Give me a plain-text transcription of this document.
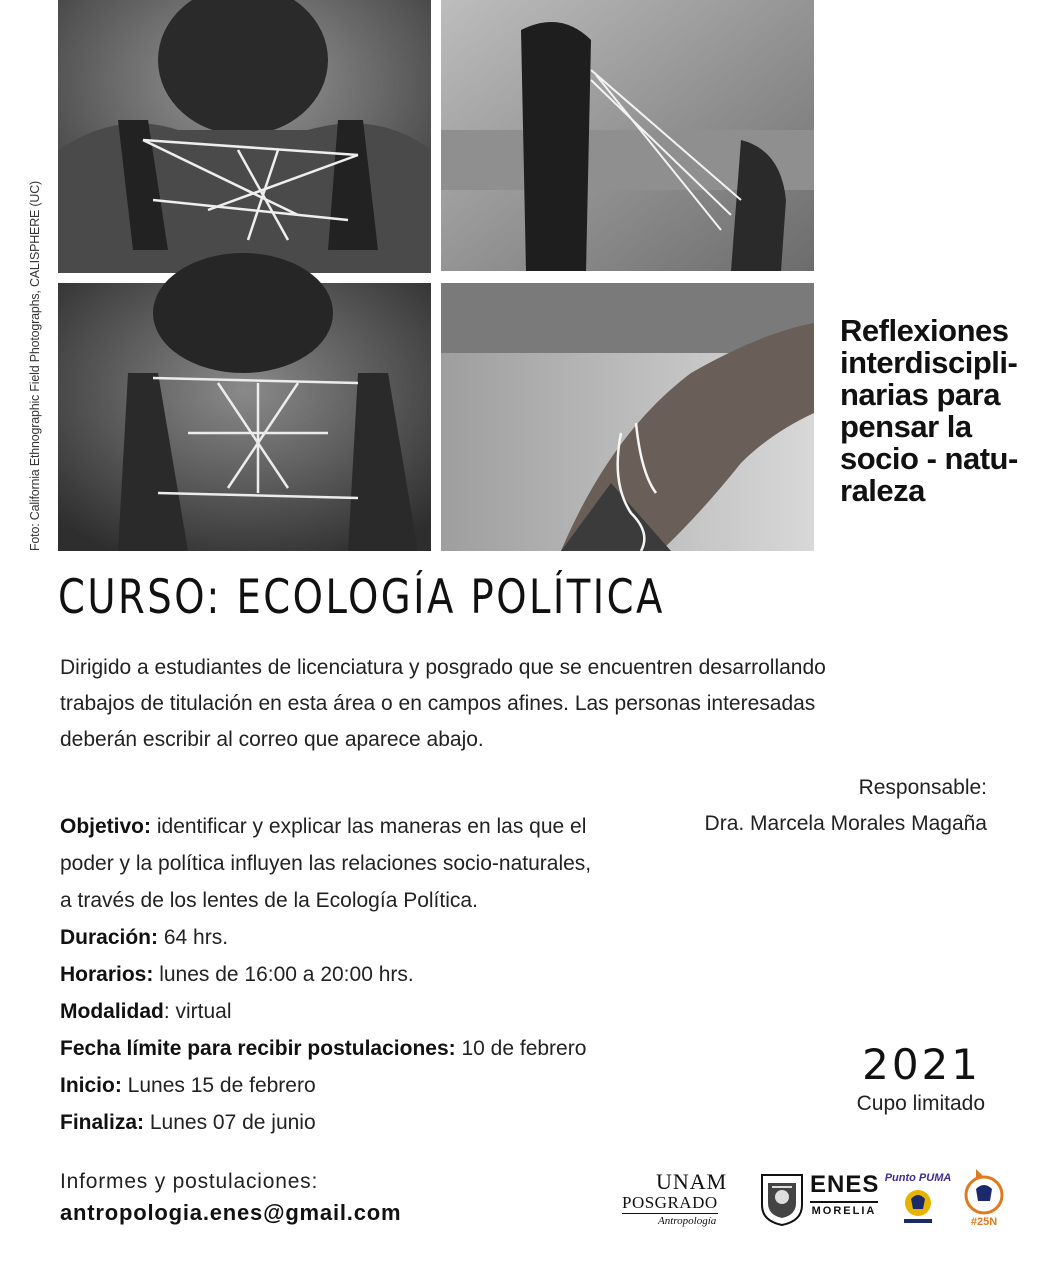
Foto: California Ethnographic Field Photographs, CALISPHERE (UC)	Reflexiones
interdiscipli-
narias para
pensar la
socio - natu-
raleza
CURSO: ECOLOGÍA POLÍTICA
Dirigido a estudiantes de licenciatura y posgrado que se encuentren desarrollando
trabajos de titulación en esta área o en campos afines. Las personas interesadas
deberán escribir al correo que aparece abajo.
Responsable:
Dra. Marcela Morales Magaña
Objetivo: identificar y explicar las maneras en las que el
poder y la política influyen las relaciones socio-naturales,
a través de los lentes de la Ecología Política.
Duración: 64 hrs.
Horarios: lunes de 16:00 a 20:00 hrs.
Modalidad: virtual
Fecha límite para recibir postulaciones: 10 de febrero
Inicio: Lunes 15 de febrero
Finaliza: Lunes 07 de junio
2021
Cupo limitado
Informes y postulaciones:
antropologia.enes@gmail.com
UNAM
POSGRADO
Antropología
ENES
MORELIA
Punto PUMA
#25N
